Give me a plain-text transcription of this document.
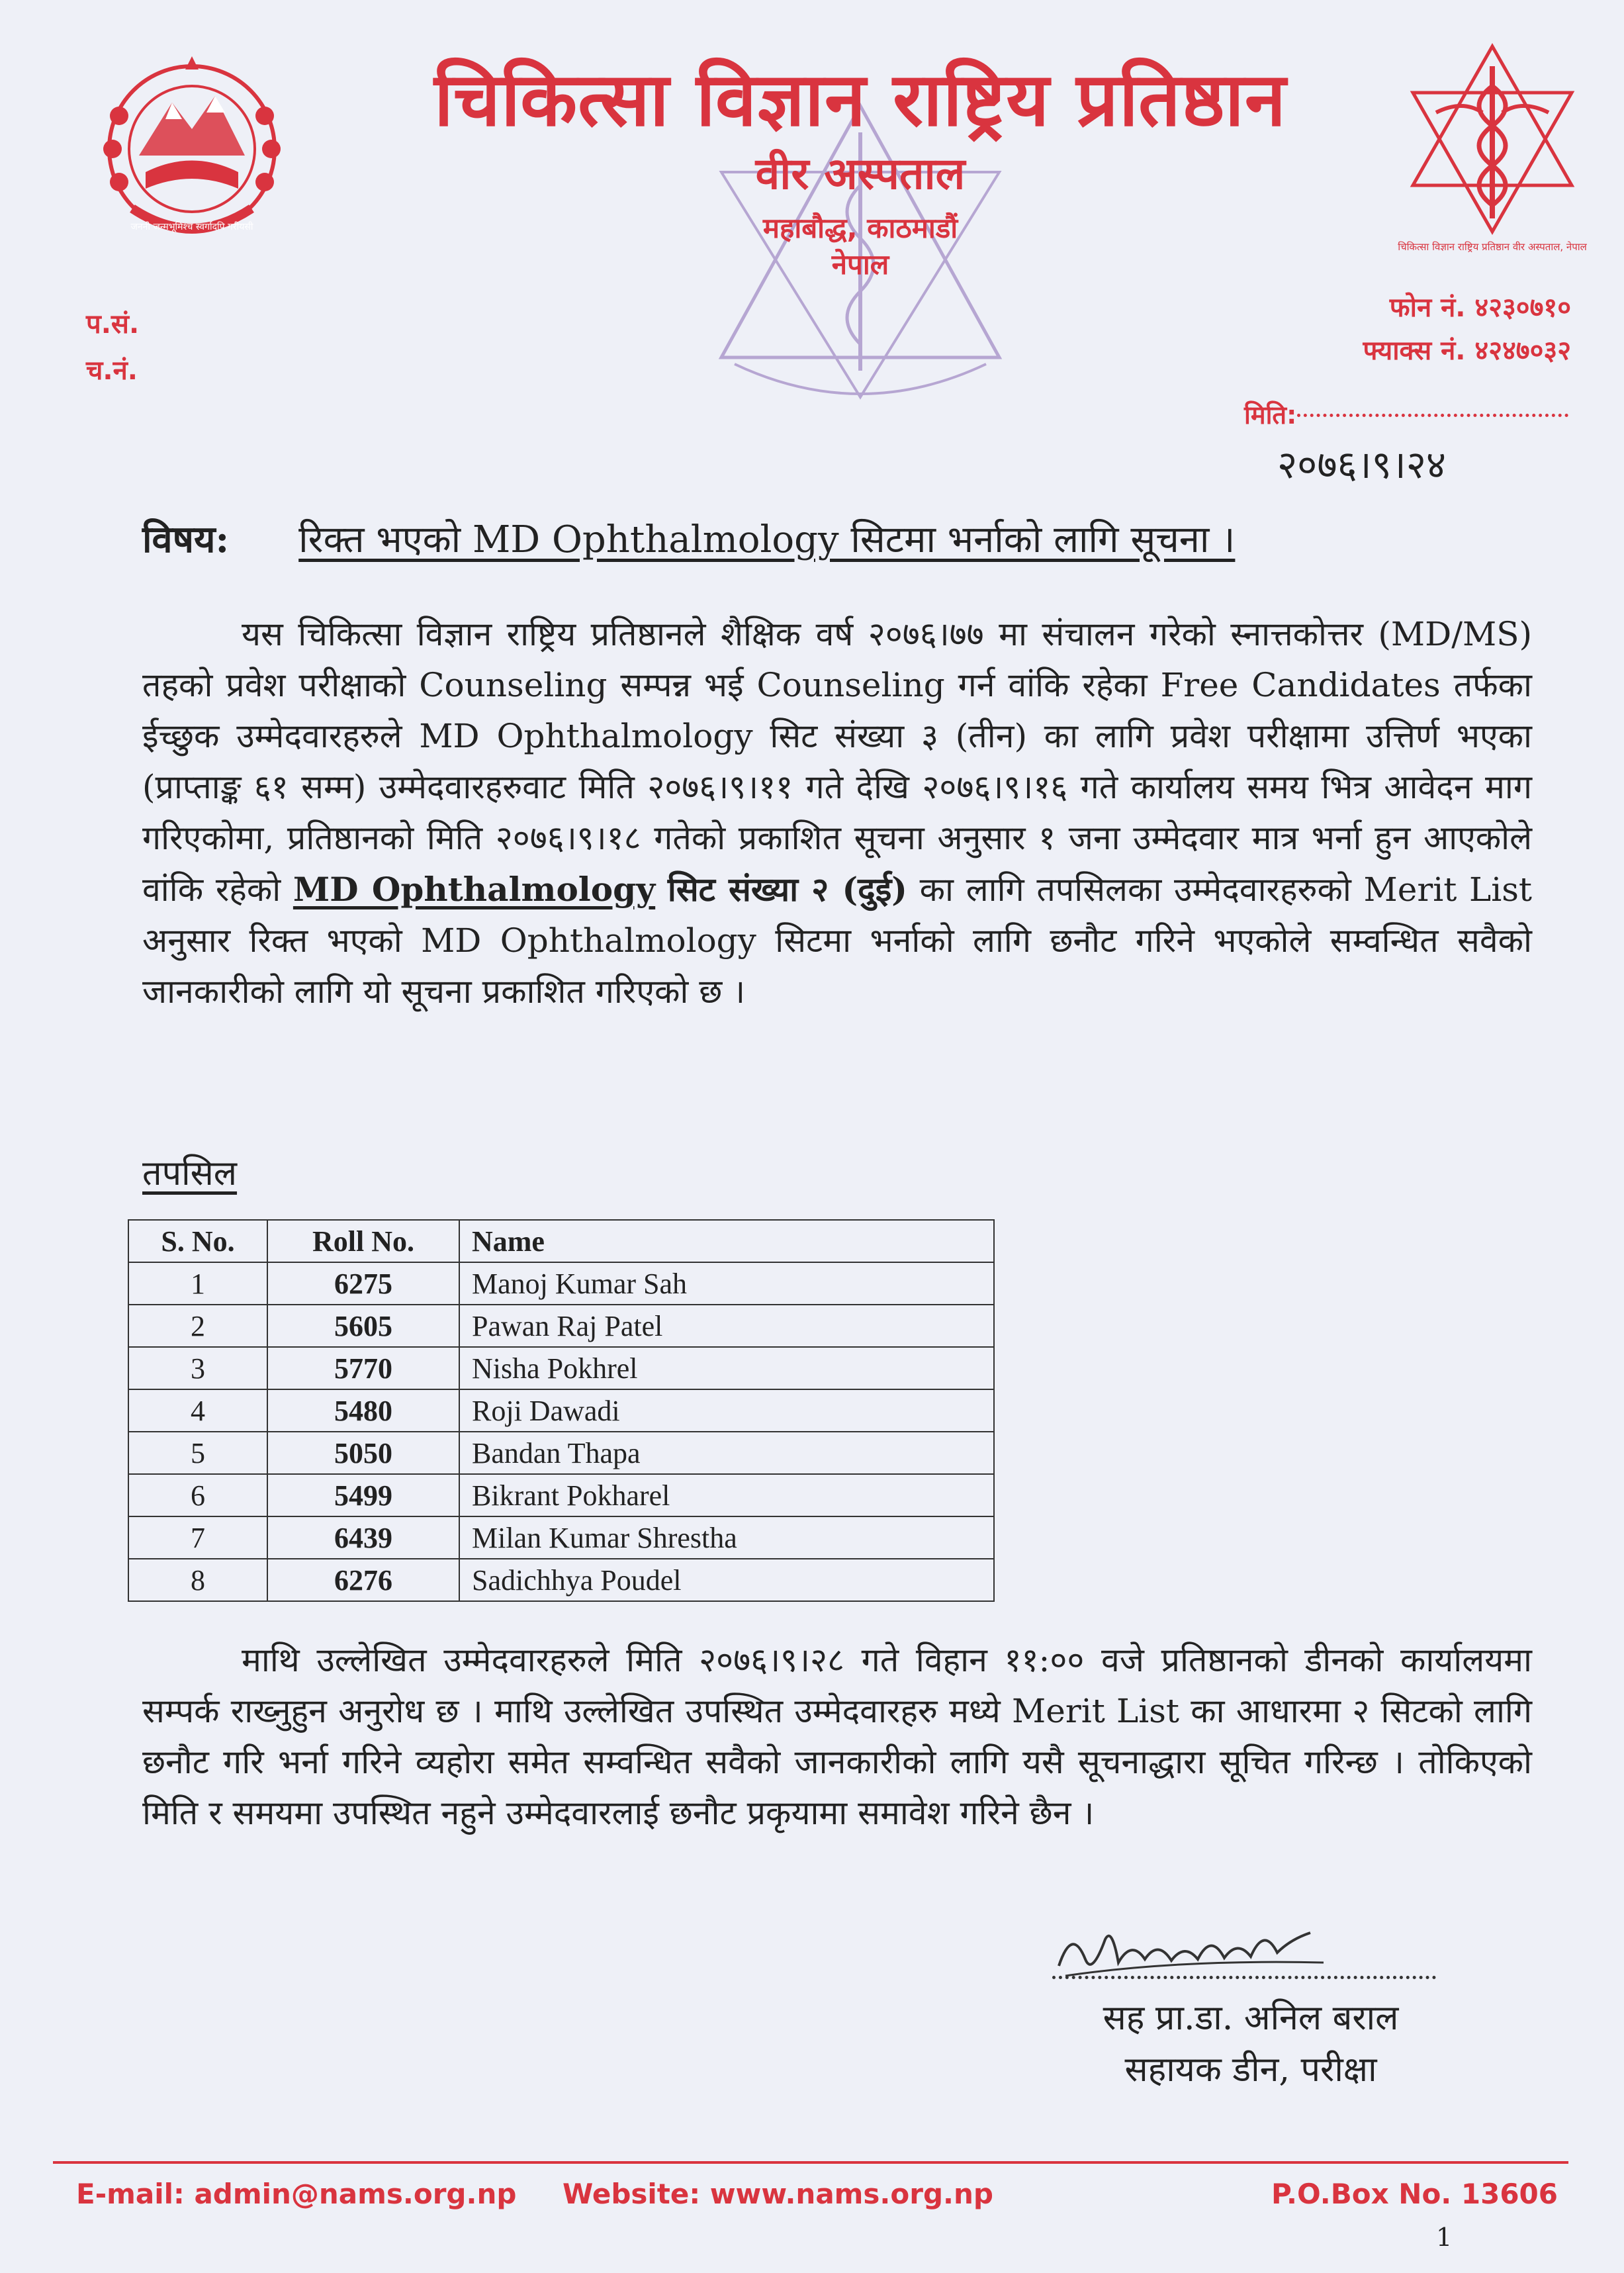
जननी जन्मभूमिश्च स्वर्गादपि गरीयसी
चिकित्सा विज्ञान राष्ट्रिय प्रतिष्ठान वीर अस्पताल, नेपाल
चिकित्सा विज्ञान राष्ट्रिय प्रतिष्ठान
वीर अस्पताल
महाबौद्ध, काठमाडौं
नेपाल
प.सं.
च.नं.
फोन नं. ४२३०७१०
फ्याक्स नं. ४२४७०३२
मिति:
२०७६।९।२४
विषय: रिक्त भएको MD Ophthalmology सिटमा भर्नाको लागि सूचना ।

यस चिकित्सा विज्ञान राष्ट्रिय प्रतिष्ठानले शैक्षिक वर्ष २०७६।७७ मा संचालन गरेको स्नात्तकोत्तर (MD/MS) तहको प्रवेश परीक्षाको Counseling सम्पन्न भई Counseling गर्न वांकि रहेका Free Candidates तर्फका ईच्छुक उम्मेदवारहरुले MD Ophthalmology सिट संख्या ३ (तीन) का लागि प्रवेश परीक्षामा उत्तिर्ण भएका (प्राप्ताङ्क ६१ सम्म) उम्मेदवारहरुवाट मिति २०७६।९।११ गते देखि २०७६।९।१६ गते कार्यालय समय भित्र आवेदन माग गरिएकोमा, प्रतिष्ठानको मिति २०७६।९।१८ गतेको प्रकाशित सूचना अनुसार १ जना उम्मेदवार मात्र भर्ना हुन आएकोले वांकि रहेको MD Ophthalmology सिट संख्या २ (दुई) का लागि तपसिलका उम्मेदवारहरुको Merit List अनुसार रिक्त भएको MD Ophthalmology सिटमा भर्नाको लागि छनौट गरिने भएकोले सम्वन्धित सवैको जानकारीको लागि यो सूचना प्रकाशित गरिएको छ ।

तपसिल
S. No.	Roll No.	Name
1	6275	Manoj Kumar Sah
2	5605	Pawan Raj Patel
3	5770	Nisha Pokhrel
4	5480	Roji Dawadi
5	5050	Bandan Thapa
6	5499	Bikrant Pokharel
7	6439	Milan Kumar Shrestha
8	6276	Sadichhya Poudel

माथि उल्लेखित उम्मेदवारहरुले मिति २०७६।९।२८ गते विहान ११:०० वजे प्रतिष्ठानको डीनको कार्यालयमा सम्पर्क राख्नुहुन अनुरोध छ । माथि उल्लेखित उपस्थित उम्मेदवारहरु मध्ये Merit List का आधारमा २ सिटको लागि छनौट गरि भर्ना गरिने व्यहोरा समेत सम्वन्धित सवैको जानकारीको लागि यसै सूचनाद्धारा सूचित गरिन्छ । तोकिएको मिति र समयमा उपस्थित नहुने उम्मेदवारलाई छनौट प्रकृयामा समावेश गरिने छैन ।

सह प्रा.डा. अनिल बराल
सहायक डीन, परीक्षा
E-mail: admin@nams.org.np Website: www.nams.org.np	P.O.Box No. 13606
1
